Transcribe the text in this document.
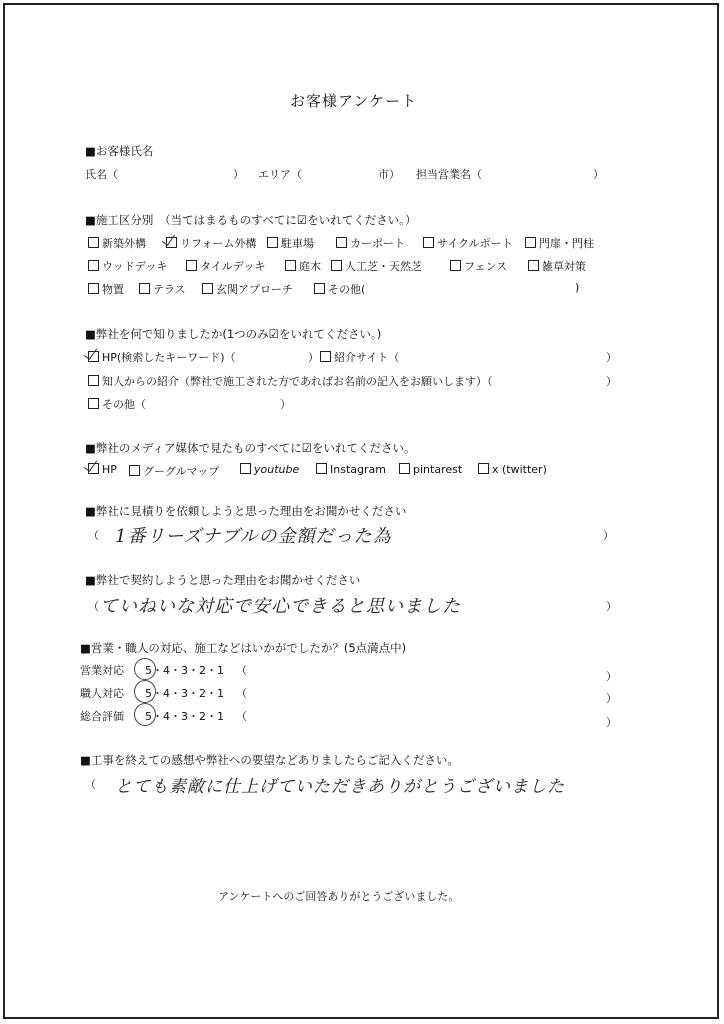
お客様アンケート
■お客様氏名
氏名（	） エリア（	市） 担当営業名（	）
■施工区分別　（当てはまるものすべてに☑をいれてください。）
新築外構	リフォーム外構	駐車場	カーポート	サイクルポート	門扉・門柱
ウッドデッキ	タイルデッキ	庭木	人工芝・天然芝	フェンス	雑草対策
物置	テラス	玄関アプローチ	その他(	)
■弊社を何で知りましたか(1つのみ☑をいれてください。)
HP(検索したキーワード)（	）	紹介サイト（	）
知人からの紹介（弊社で施工された方であればお名前の記入をお願いします）（	）
その他（	）
■弊社のメディア媒体で見たものすべてに☑をいれてください。
HP	グーグルマップ	youtube	Instagram	pintarest	x (twitter)
■弊社に見積りを依頼しようと思った理由をお聞かせください
（ 1番リーズナブルの金額だった為	）
■弊社で契約しようと思った理由をお聞かせください
（ ていねいな対応で安心できると思いました	）
■営業・職人の対応、施工などはいかがでしたか？(5点満点中)
営業対応 5・4・3・2・1 （	）
職人対応 5・4・3・2・1 （	）
総合評価 5・4・3・2・1 （	）
■工事を終えての感想や弊社への要望などありましたらご記入ください。
（ とても素敵に仕上げていただきありがとうございました
アンケートへのご回答ありがとうございました。
